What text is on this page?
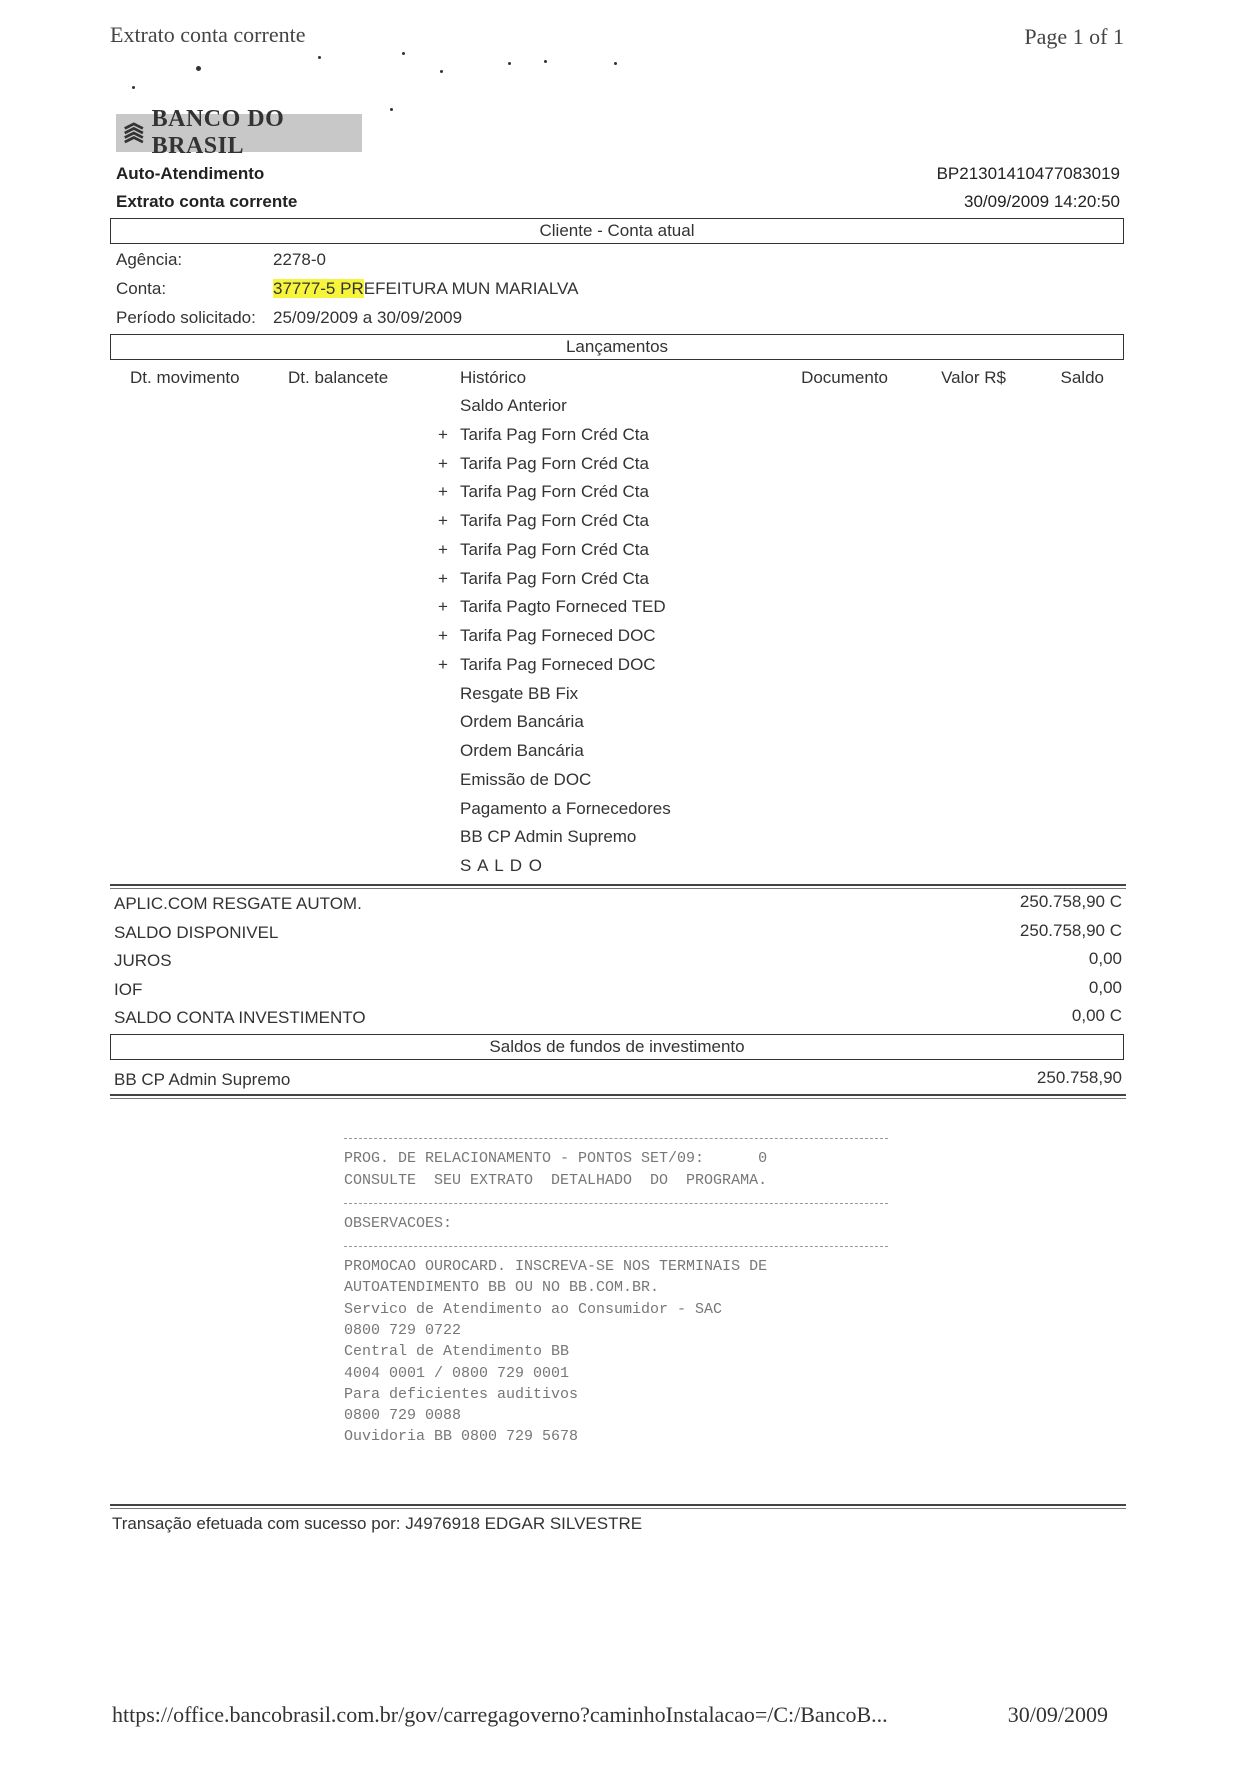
Extrato conta corrente	Page 1 of 1
BANCO DO BRASIL
Auto-Atendimento
Extrato conta corrente
BP21301410477083019
30/09/2009 14:20:50
Cliente - Conta atual
Agência:	2278-0
Conta:	37777-5 PREFEITURA MUN MARIALVA
Período solicitado: 25/09/2009 a 30/09/2009
Lançamentos
Dt. movimento	Dt. balancete	Histórico	Documento	Valor R$	Saldo
Saldo Anterior
+ Tarifa Pag Forn Créd Cta
+ Tarifa Pag Forn Créd Cta
+ Tarifa Pag Forn Créd Cta
+ Tarifa Pag Forn Créd Cta
+ Tarifa Pag Forn Créd Cta
+ Tarifa Pag Forn Créd Cta
+ Tarifa Pagto Forneced TED
+ Tarifa Pag Forneced DOC
+ Tarifa Pag Forneced DOC
Resgate BB Fix
Ordem Bancária
Ordem Bancária
Emissão de DOC
Pagamento a Fornecedores
BB CP Admin Supremo
S A L D O
APLIC.COM RESGATE AUTOM.	250.758,90 C
SALDO DISPONIVEL	250.758,90 C
JUROS	0,00
IOF	0,00
SALDO CONTA INVESTIMENTO	0,00 C
Saldos de fundos de investimento
BB CP Admin Supremo	250.758,90
PROG. DE RELACIONAMENTO - PONTOS SET/09:      0
CONSULTE  SEU EXTRATO  DETALHADO  DO  PROGRAMA.
OBSERVACOES:
PROMOCAO OUROCARD. INSCREVA-SE NOS TERMINAIS DE
AUTOATENDIMENTO BB OU NO BB.COM.BR.
Servico de Atendimento ao Consumidor - SAC
0800 729 0722
Central de Atendimento BB
4004 0001 / 0800 729 0001
Para deficientes auditivos
0800 729 0088
Ouvidoria BB 0800 729 5678
Transação efetuada com sucesso por: J4976918 EDGAR SILVESTRE
https://office.bancobrasil.com.br/gov/carregagoverno?caminhoInstalacao=/C:/BancoB...	30/09/2009
